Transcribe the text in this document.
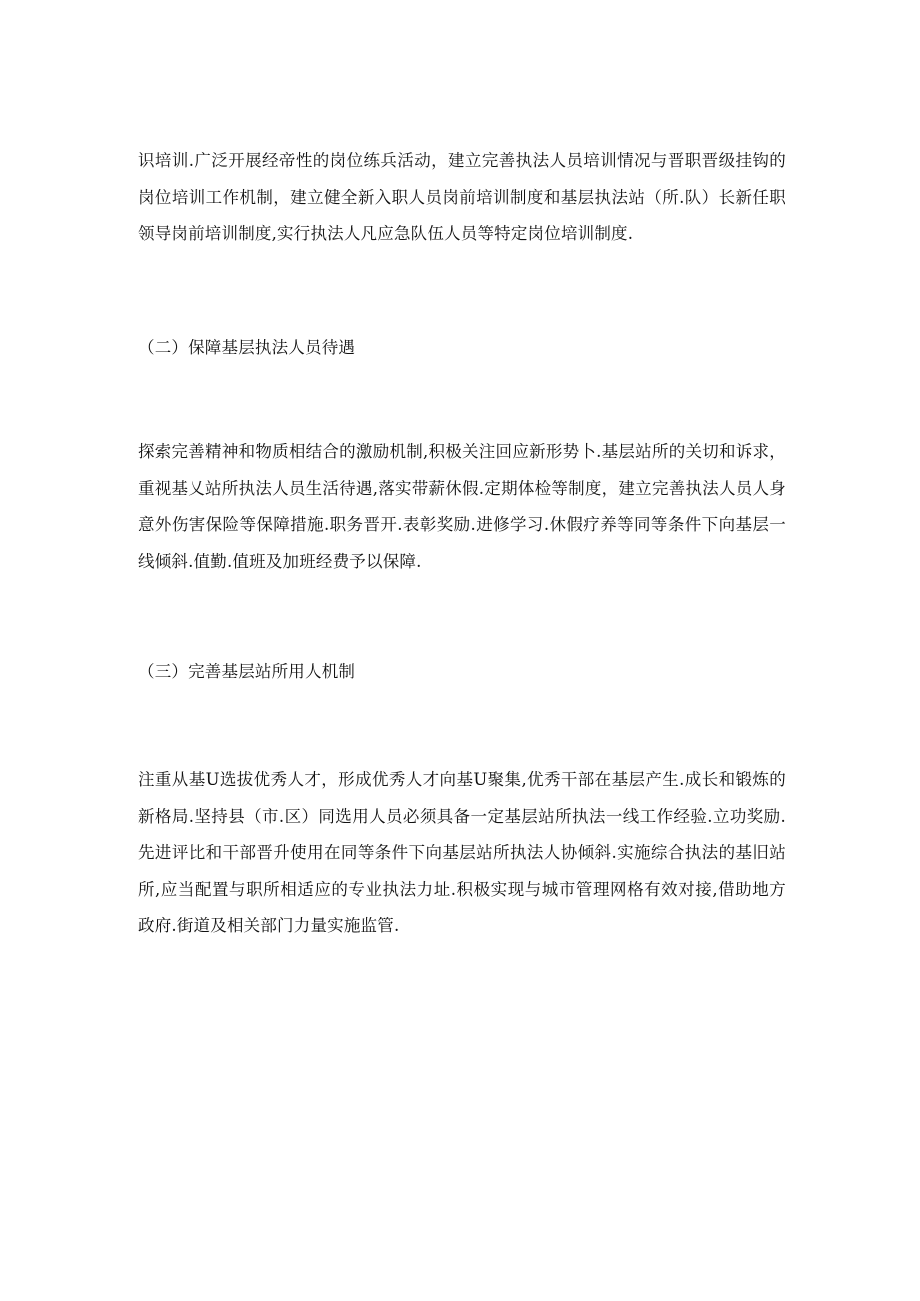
识培训.广泛开展经帝性的岗位练兵活动，建立完善执法人员培训情况与晋职晋级挂钩的岗位培训工作机制，建立健全新入职人员岗前培训制度和基层执法站（所.队）长新任职领导岗前培训制度,实行执法人凡应急队伍人员等特定岗位培训制度.

（二）保障基层执法人员待遇

探索完善精神和物质相结合的激励机制,积极关注回应新形势卜.基层站所的关切和诉求，重视基乂站所执法人员生活待遇,落实带薪休假.定期体检等制度，建立完善执法人员人身意外伤害保险等保障措施.职务晋开.表彰奖励.进修学习.休假疗养等同等条件下向基层一线倾斜.值勤.值班及加班经费予以保障.

（三）完善基层站所用人机制

注重从基U选拔优秀人才，形成优秀人才向基U聚集,优秀干部在基层产生.成长和锻炼的新格局.坚持县（市.区）同选用人员必须具备一定基层站所执法一线工作经验.立功奖励.先进评比和干部晋升使用在同等条件下向基层站所执法人协倾斜.实施综合执法的基旧站所,应当配置与职所相适应的专业执法力址.积极实现与城市管理网格有效对接,借助地方政府.街道及相关部门力量实施监管.
